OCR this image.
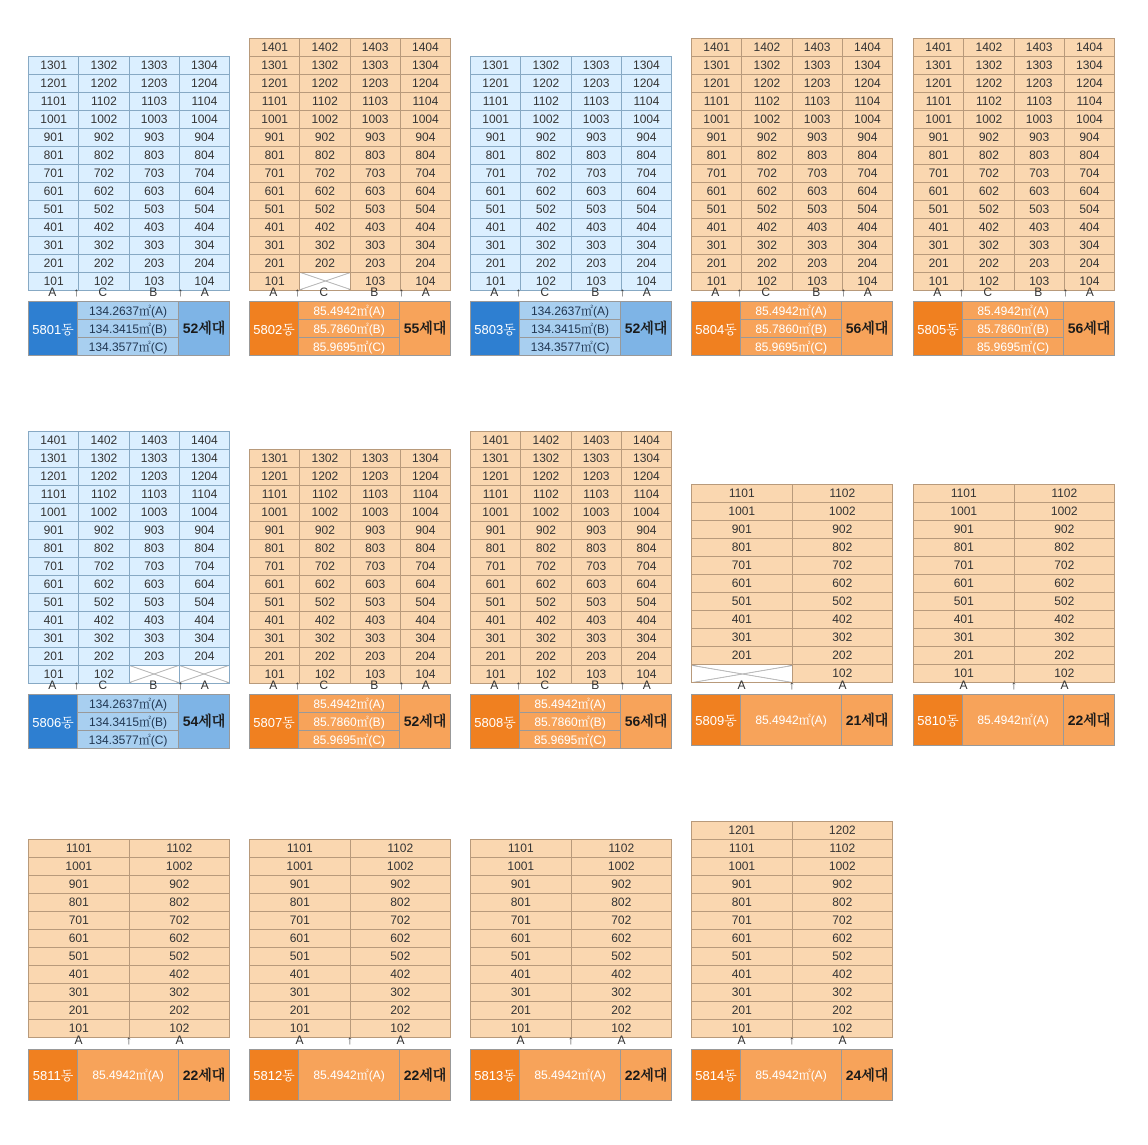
1301	1302	1303	1304
1201	1202	1203	1204
1101	1102	1103	1104
1001	1002	1003	1004
901	902	903	904
801	802	803	804
701	702	703	704
601	602	603	604
501	502	503	504
401	402	403	404
301	302	303	304
201	202	203	204
101	102	103	104
A ↑ C	B ↑ A
5801동	134.2637㎡(A)	52세대
134.3415㎡(B)
134.3577㎡(C)
1401	1402	1403	1404
1301	1302	1303	1304
1201	1202	1203	1204
1101	1102	1103	1104
1001	1002	1003	1004
901	902	903	904
801	802	803	804
701	702	703	704
601	602	603	604
501	502	503	504
401	402	403	404
301	302	303	304
201	202	203	204
101		103	104
A ↑ C	B ↑ A
5802동	85.4942㎡(A)	55세대
85.7860㎡(B)
85.9695㎡(C)
1301	1302	1303	1304
1201	1202	1203	1204
1101	1102	1103	1104
1001	1002	1003	1004
901	902	903	904
801	802	803	804
701	702	703	704
601	602	603	604
501	502	503	504
401	402	403	404
301	302	303	304
201	202	203	204
101	102	103	104
A ↑ C	B ↑ A
5803동	134.2637㎡(A)	52세대
134.3415㎡(B)
134.3577㎡(C)
1401	1402	1403	1404
1301	1302	1303	1304
1201	1202	1203	1204
1101	1102	1103	1104
1001	1002	1003	1004
901	902	903	904
801	802	803	804
701	702	703	704
601	602	603	604
501	502	503	504
401	402	403	404
301	302	303	304
201	202	203	204
101	102	103	104
A ↑ C	B ↑ A
5804동	85.4942㎡(A)	56세대
85.7860㎡(B)
85.9695㎡(C)
1401	1402	1403	1404
1301	1302	1303	1304
1201	1202	1203	1204
1101	1102	1103	1104
1001	1002	1003	1004
901	902	903	904
801	802	803	804
701	702	703	704
601	602	603	604
501	502	503	504
401	402	403	404
301	302	303	304
201	202	203	204
101	102	103	104
A ↑ C	B ↑ A
5805동	85.4942㎡(A)	56세대
85.7860㎡(B)
85.9695㎡(C)
1401	1402	1403	1404
1301	1302	1303	1304
1201	1202	1203	1204
1101	1102	1103	1104
1001	1002	1003	1004
901	902	903	904
801	802	803	804
701	702	703	704
601	602	603	604
501	502	503	504
401	402	403	404
301	302	303	304
201	202	203	204
101	102		
A ↑ C	B ↑ A
5806동	134.2637㎡(A)	54세대
134.3415㎡(B)
134.3577㎡(C)
1301	1302	1303	1304
1201	1202	1203	1204
1101	1102	1103	1104
1001	1002	1003	1004
901	902	903	904
801	802	803	804
701	702	703	704
601	602	603	604
501	502	503	504
401	402	403	404
301	302	303	304
201	202	203	204
101	102	103	104
A ↑ C	B ↑ A
5807동	85.4942㎡(A)	52세대
85.7860㎡(B)
85.9695㎡(C)
1401	1402	1403	1404
1301	1302	1303	1304
1201	1202	1203	1204
1101	1102	1103	1104
1001	1002	1003	1004
901	902	903	904
801	802	803	804
701	702	703	704
601	602	603	604
501	502	503	504
401	402	403	404
301	302	303	304
201	202	203	204
101	102	103	104
A ↑ C	B ↑ A
5808동	85.4942㎡(A)	56세대
85.7860㎡(B)
85.9695㎡(C)
1101	1102
1001	1002
901	902
801	802
701	702
601	602
501	502
401	402
301	302
201	202
	102
A	↑	A
5809동	85.4942㎡(A)	21세대
1101	1102
1001	1002
901	902
801	802
701	702
601	602
501	502
401	402
301	302
201	202
101	102
A	↑	A
5810동	85.4942㎡(A)	22세대
1101	1102
1001	1002
901	902
801	802
701	702
601	602
501	502
401	402
301	302
201	202
101	102
A	↑	A
5811동	85.4942㎡(A)	22세대
1101	1102
1001	1002
901	902
801	802
701	702
601	602
501	502
401	402
301	302
201	202
101	102
A	↑	A
5812동	85.4942㎡(A)	22세대
1101	1102
1001	1002
901	902
801	802
701	702
601	602
501	502
401	402
301	302
201	202
101	102
A	↑	A
5813동	85.4942㎡(A)	22세대
1201	1202
1101	1102
1001	1002
901	902
801	802
701	702
601	602
501	502
401	402
301	302
201	202
101	102
A	↑	A
5814동	85.4942㎡(A)	24세대
